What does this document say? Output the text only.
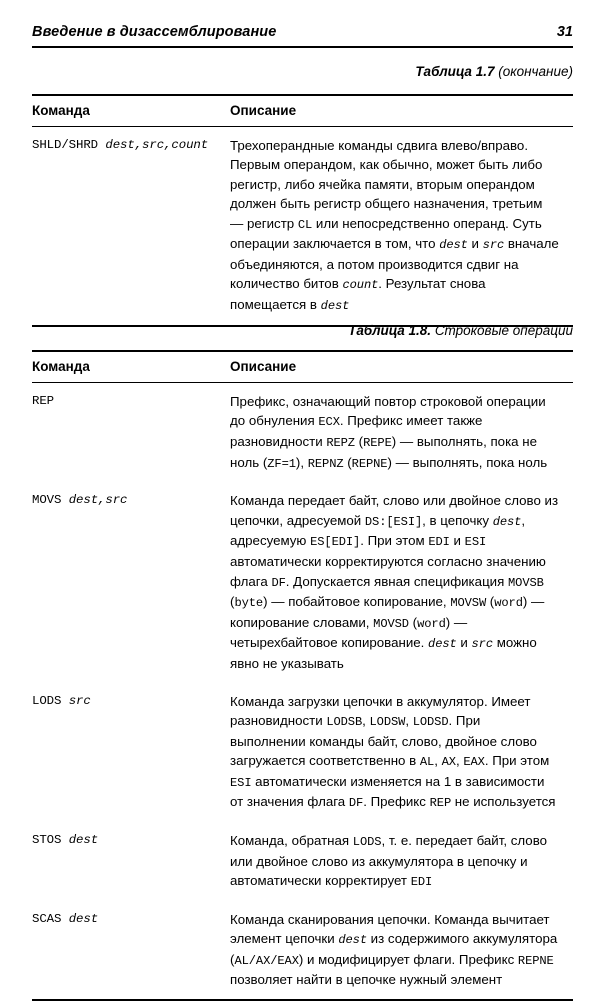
Введение в дизассемблирование	31
Таблица 1.7 (окончание)
Команда	Описание
SHLD/SHRD dest,src,count	Трехоперандные команды сдвига влево/вправо. Первым операндом, как обычно, может быть либо регистр, либо ячейка памяти, вторым операндом должен быть регистр общего назначения, третьим — регистр CL или непосредственно операнд. Суть операции заключается в том, что dest и src вначале объединяются, а потом производится сдвиг на количество битов count. Результат снова помещается в dest

Таблица 1.8. Строковые операции
Команда	Описание
REP	Префикс, означающий повтор строковой операции до обнуления ECX. Префикс имеет также разновидности REPZ (REPE) — выполнять, пока не ноль (ZF=1), REPNZ (REPNE) — выполнять, пока ноль
MOVS dest,src	Команда передает байт, слово или двойное слово из цепочки, адресуемой DS:[ESI], в цепочку dest, адресуемую ES[EDI]. При этом EDI и ESI автоматически корректируются согласно значению флага DF. Допускается явная спецификация MOVSB (byte) — побайтовое копирование, MOVSW (word) — копирование словами, MOVSD (word) — четырехбайтовое копирование. dest и src можно явно не указывать
LODS src	Команда загрузки цепочки в аккумулятор. Имеет разновидности LODSB, LODSW, LODSD. При выполнении команды байт, слово, двойное слово загружается соответственно в AL, AX, EAX. При этом ESI автоматически изменяется на 1 в зависимости от значения флага DF. Префикс REP не используется
STOS dest	Команда, обратная LODS, т. е. передает байт, слово или двойное слово из аккумулятора в цепочку и автоматически корректирует EDI
SCAS dest	Команда сканирования цепочки. Команда вычитает элемент цепочки dest из содержимого аккумулятора (AL/AX/EAX) и модифицирует флаги. Префикс REPNE позволяет найти в цепочке нужный элемент
